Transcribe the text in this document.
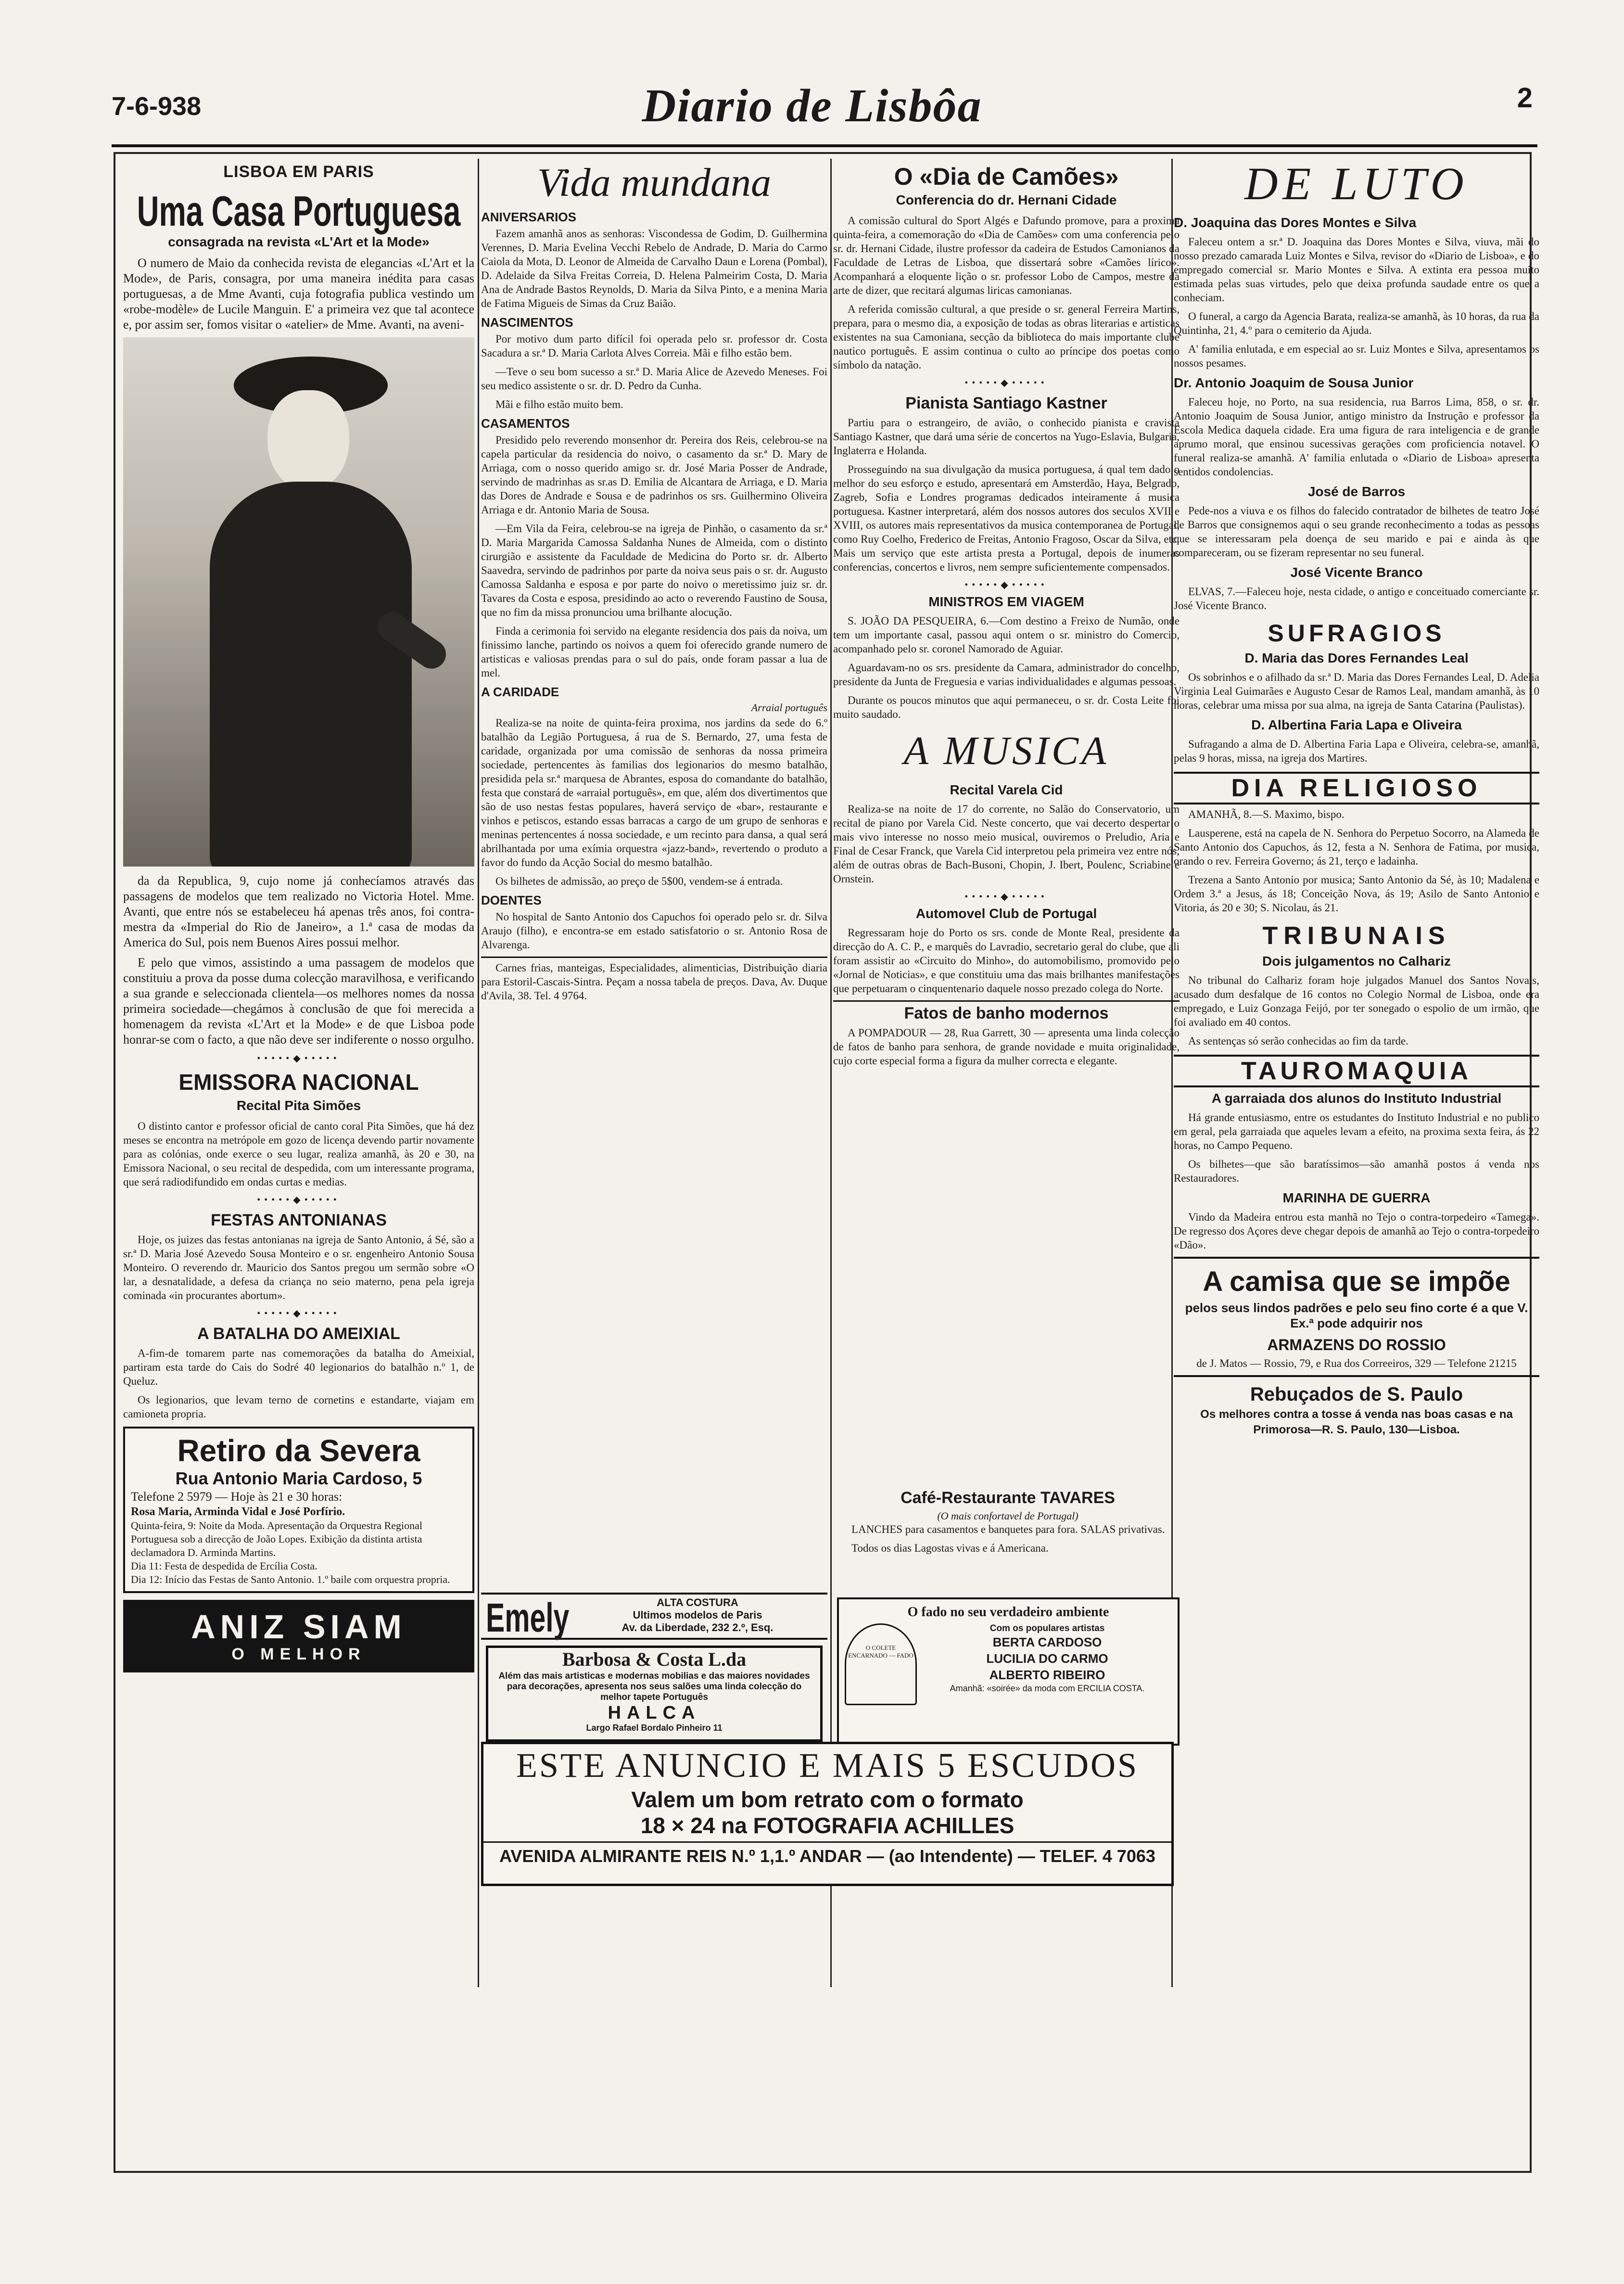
7-6-938	Diario de Lisbôa	2
LISBOA EM PARIS
Uma Casa Portuguesa
consagrada na revista «L'Art et la Mode»

O numero de Maio da conhecida revista de elegancias «L'Art et la Mode», de Paris, consagra, por uma maneira inédita para casas portuguesas, a de Mme Avanti, cuja fotografia publica vestindo um «robe-modèle» de Lucile Manguin. E' a primeira vez que tal acontece e, por assim ser, fomos visitar o «atelier» de Mme. Avanti, na aveni-

da da Republica, 9, cujo nome já conhecíamos através das passagens de modelos que tem realizado no Victoria Hotel. Mme. Avanti, que entre nós se estabeleceu há apenas três anos, foi contra-mestra da «Imperial do Rio de Janeiro», a 1.ª casa de modas da America do Sul, pois nem Buenos Aires possui melhor.

E pelo que vimos, assistindo a uma passagem de modelos que constituiu a prova da posse duma colecção maravilhosa, e verificando a sua grande e seleccionada clientela—os melhores nomes da nossa primeira sociedade—chegámos à conclusão de que foi merecida a homenagem da revista «L'Art et la Mode» e de que Lisboa pode honrar-se com o facto, a que não deve ser indiferente o nosso orgulho.

•••••◆•••••
EMISSORA NACIONAL
Recital Pita Simões

O distinto cantor e professor oficial de canto coral Pita Simões, que há dez meses se encontra na metrópole em gozo de licença devendo partir novamente para as colónias, onde exerce o seu lugar, realiza amanhã, às 20 e 30, na Emissora Nacional, o seu recital de despedida, com um interessante programa, que será radiodifundido em ondas curtas e medias.

•••••◆•••••
FESTAS ANTONIANAS

Hoje, os juizes das festas antonianas na igreja de Santo Antonio, á Sé, são a sr.ª D. Maria José Azevedo Sousa Monteiro e o sr. engenheiro Antonio Sousa Monteiro. O reverendo dr. Mauricio dos Santos pregou um sermão sobre «O lar, a desnatalidade, a defesa da criança no seio materno, pena pela igreja cominada «in procurantes abortum».

•••••◆•••••
A BATALHA DO AMEIXIAL

A-fim-de tomarem parte nas comemorações da batalha do Ameixial, partiram esta tarde do Cais do Sodré 40 legionarios do batalhão n.º 1, de Queluz.

Os legionarios, que levam terno de cornetins e estandarte, viajam em camioneta propria.

Retiro da Severa
Rua Antonio Maria Cardoso, 5
Telefone 2 5979 — Hoje às 21 e 30 horas:
Rosa Maria, Arminda Vidal e José Porfírio.
Quinta-feira, 9: Noite da Moda. Apresentação da Orquestra Regional Portuguesa sob a direcção de João Lopes. Exibição da distinta artista declamadora D. Arminda Martins.
Dia 11: Festa de despedida de Ercília Costa.
Dia 12: Início das Festas de Santo Antonio. 1.º baile com orquestra propria.
ANIZ SIAM
O MELHOR
Vida mundana
ANIVERSARIOS

Fazem amanhã anos as senhoras: Viscondessa de Godim, D. Guilhermina Verennes, D. Maria Evelina Vecchi Rebelo de Andrade, D. Maria do Carmo Caiola da Mota, D. Leonor de Almeida de Carvalho Daun e Lorena (Pombal), D. Adelaide da Silva Freitas Correia, D. Helena Palmeirim Costa, D. Maria Ana de Andrade Bastos Reynolds, D. Maria da Silva Pinto, e a menina Maria de Fatima Migueis de Simas da Cruz Baião.

NASCIMENTOS

Por motivo dum parto difícil foi operada pelo sr. professor dr. Costa Sacadura a sr.ª D. Maria Carlota Alves Correia. Mãi e filho estão bem.

—Teve o seu bom sucesso a sr.ª D. Maria Alice de Azevedo Meneses. Foi seu medico assistente o sr. dr. D. Pedro da Cunha.

Mãi e filho estão muito bem.

CASAMENTOS

Presidido pelo reverendo monsenhor dr. Pereira dos Reis, celebrou-se na capela particular da residencia do noivo, o casamento da sr.ª D. Mary de Arriaga, com o nosso querido amigo sr. dr. José Maria Posser de Andrade, servindo de madrinhas as sr.as D. Emilia de Alcantara de Arriaga, e D. Maria das Dores de Andrade e Sousa e de padrinhos os srs. Guilhermino Oliveira Arriaga e dr. Antonio Maria de Sousa.

—Em Vila da Feira, celebrou-se na igreja de Pinhão, o casamento da sr.ª D. Maria Margarida Camossa Saldanha Nunes de Almeida, com o distinto cirurgião e assistente da Faculdade de Medicina do Porto sr. dr. Alberto Saavedra, servindo de padrinhos por parte da noiva seus pais o sr. dr. Augusto Camossa Saldanha e esposa e por parte do noivo o meretissimo juiz sr. dr. Tavares da Costa e esposa, presidindo ao acto o reverendo Faustino de Sousa, que no fim da missa pronunciou uma brilhante alocução.

Finda a cerimonia foi servido na elegante residencia dos pais da noiva, um finissimo lanche, partindo os noivos a quem foi oferecido grande numero de artisticas e valiosas prendas para o sul do país, onde foram passar a lua de mel.

A CARIDADE
Arraial português

Realiza-se na noite de quinta-feira proxima, nos jardins da sede do 6.º batalhão da Legião Portuguesa, á rua de S. Bernardo, 27, uma festa de caridade, organizada por uma comissão de senhoras da nossa primeira sociedade, pertencentes às familias dos legionarios do mesmo batalhão, presidida pela sr.ª marquesa de Abrantes, esposa do comandante do batalhão, festa que constará de «arraial português», em que, além dos divertimentos que são de uso nestas festas populares, haverá serviço de «bar», restaurante e vinhos e petiscos, estando essas barracas a cargo de um grupo de senhoras e meninas pertencentes á nossa sociedade, e um recinto para dansa, a qual será abrilhantada por uma exímia orquestra «jazz-band», revertendo o produto a favor do fundo da Acção Social do mesmo batalhão.

Os bilhetes de admissão, ao preço de 5$00, vendem-se á entrada.

DOENTES

No hospital de Santo Antonio dos Capuchos foi operado pelo sr. dr. Silva Araujo (filho), e encontra-se em estado satisfatorio o sr. Antonio Rosa de Alvarenga.

Carnes frias, manteigas, Especialidades, alimenticias, Distribuição diaria para Estoril-Cascais-Sintra. Peçam a nossa tabela de preços. Dava, Av. Duque d'Avila, 38. Tel. 4 9764.

Emely	ALTA COSTURA
Ultimos modelos de Paris
Av. da Liberdade, 232 2.º, Esq.
Barbosa & Costa L.da
Além das mais artisticas e modernas mobilias e das maiores novidades para decorações, apresenta nos seus salões uma linda colecção do melhor tapete Português
HALCA
Largo Rafael Bordalo Pinheiro 11
O «Dia de Camões»
Conferencia do dr. Hernani Cidade

A comissão cultural do Sport Algés e Dafundo promove, para a proxima quinta-feira, a comemoração do «Dia de Camões» com uma conferencia pelo sr. dr. Hernani Cidade, ilustre professor da cadeira de Estudos Camonianos da Faculdade de Letras de Lisboa, que dissertará sobre «Camões lírico». Acompanhará a eloquente lição o sr. professor Lobo de Campos, mestre da arte de dizer, que recitará algumas liricas camonianas.

A referida comissão cultural, a que preside o sr. general Ferreira Martins, prepara, para o mesmo dia, a exposição de todas as obras literarias e artisticas existentes na sua Camoniana, secção da biblioteca do mais importante clube nautico português. E assim continua o culto ao príncipe dos poetas como símbolo da natação.

•••••◆•••••
Pianista Santiago Kastner

Partiu para o estrangeiro, de avião, o conhecido pianista e cravista Santiago Kastner, que dará uma série de concertos na Yugo-Eslavia, Bulgaria, Inglaterra e Holanda.

Prosseguindo na sua divulgação da musica portuguesa, á qual tem dado o melhor do seu esforço e estudo, apresentará em Amsterdão, Haya, Belgrado, Zagreb, Sofia e Londres programas dedicados inteiramente á musica portuguesa. Kastner interpretará, além dos nossos autores dos seculos XVII e XVIII, os autores mais representativos da musica contemporanea de Portugal, como Ruy Coelho, Frederico de Freitas, Antonio Fragoso, Oscar da Silva, etc. Mais um serviço que este artista presta a Portugal, depois de inumeras conferencias, concertos e livros, nem sempre suficientemente compensados.

•••••◆•••••
MINISTROS EM VIAGEM

S. JOÃO DA PESQUEIRA, 6.—Com destino a Freixo de Numão, onde tem um importante casal, passou aqui ontem o sr. ministro do Comercio, acompanhado pelo sr. coronel Namorado de Aguiar.

Aguardavam-no os srs. presidente da Camara, administrador do concelho, presidente da Junta de Freguesia e varias individualidades e algumas pessoas.

Durante os poucos minutos que aqui permaneceu, o sr. dr. Costa Leite foi muito saudado.

A MUSICA
Recital Varela Cid

Realiza-se na noite de 17 do corrente, no Salão do Conservatorio, um recital de piano por Varela Cid. Neste concerto, que vai decerto despertar o mais vivo interesse no nosso meio musical, ouviremos o Preludio, Aria e Final de Cesar Franck, que Varela Cid interpretou pela primeira vez entre nós, além de outras obras de Bach-Busoni, Chopin, J. Ibert, Poulenc, Scriabine e Ornstein.

•••••◆•••••
Automovel Club de Portugal

Regressaram hoje do Porto os srs. conde de Monte Real, presidente da direcção do A. C. P., e marquês do Lavradio, secretario geral do clube, que ali foram assistir ao «Circuito do Minho», do automobilismo, promovido pelo «Jornal de Noticias», e que constituiu uma das mais brilhantes manifestações que perpetuaram o cinquentenario daquele nosso prezado colega do Norte.

Fatos de banho modernos

A POMPADOUR — 28, Rua Garrett, 30 — apresenta uma linda colecção de fatos de banho para senhora, de grande novidade e muita originalidade, cujo corte especial forma a figura da mulher correcta e elegante.

Café-Restaurante TAVARES
(O mais confortavel de Portugal)

LANCHES para casamentos e banquetes para fora. SALAS privativas.

Todos os dias Lagostas vivas e á Americana.

O fado no seu verdadeiro ambiente
O COLETE ENCARNADO — FADO
Com os populares artistas
BERTA CARDOSO
LUCILIA DO CARMO
ALBERTO RIBEIRO
Amanhã: «soirée» da moda com ERCILIA COSTA.
DE LUTO
D. Joaquina das Dores Montes e Silva

Faleceu ontem a sr.ª D. Joaquina das Dores Montes e Silva, viuva, mãi do nosso prezado camarada Luiz Montes e Silva, revisor do «Diario de Lisboa», e do empregado comercial sr. Mario Montes e Silva. A extinta era pessoa muito estimada pelas suas virtudes, pelo que deixa profunda saudade entre os que a conheciam.

O funeral, a cargo da Agencia Barata, realiza-se amanhã, às 10 horas, da rua da Quintinha, 21, 4.º para o cemiterio da Ajuda.

A' familia enlutada, e em especial ao sr. Luiz Montes e Silva, apresentamos os nossos pesames.

Dr. Antonio Joaquim de Sousa Junior

Faleceu hoje, no Porto, na sua residencia, rua Barros Lima, 858, o sr. dr. Antonio Joaquim de Sousa Junior, antigo ministro da Instrução e professor da Escola Medica daquela cidade. Era uma figura de rara inteligencia e de grande aprumo moral, que ensinou sucessivas gerações com proficiencia notavel. O funeral realiza-se amanhã. A' familia enlutada o «Diario de Lisboa» apresenta sentidos condolencias.

José de Barros

Pede-nos a viuva e os filhos do falecido contratador de bilhetes de teatro José de Barros que consignemos aqui o seu grande reconhecimento a todas as pessoas que se interessaram pela doença de seu marido e pai e ainda às que compareceram, ou se fizeram representar no seu funeral.

José Vicente Branco

ELVAS, 7.—Faleceu hoje, nesta cidade, o antigo e conceituado comerciante sr. José Vicente Branco.

SUFRAGIOS
D. Maria das Dores Fernandes Leal

Os sobrinhos e o afilhado da sr.ª D. Maria das Dores Fernandes Leal, D. Adelia Virginia Leal Guimarães e Augusto Cesar de Ramos Leal, mandam amanhã, às 10 horas, celebrar uma missa por sua alma, na igreja de Santa Catarina (Paulistas).

D. Albertina Faria Lapa e Oliveira

Sufragando a alma de D. Albertina Faria Lapa e Oliveira, celebra-se, amanhã, pelas 9 horas, missa, na igreja dos Martires.

DIA RELIGIOSO

AMANHÃ, 8.—S. Maximo, bispo.

Lausperene, está na capela de N. Senhora do Perpetuo Socorro, na Alameda de Santo Antonio dos Capuchos, ás 12, festa a N. Senhora de Fatima, por musica, orando o rev. Ferreira Governo; ás 21, terço e ladainha.

Trezena a Santo Antonio por musica; Santo Antonio da Sé, às 10; Madalena e Ordem 3.ª a Jesus, ás 18; Conceição Nova, ás 19; Asilo de Santo Antonio e Vitoria, ás 20 e 30; S. Nicolau, ás 21.

TRIBUNAIS
Dois julgamentos no Calhariz

No tribunal do Calhariz foram hoje julgados Manuel dos Santos Novais, acusado dum desfalque de 16 contos no Colegio Normal de Lisboa, onde era empregado, e Luiz Gonzaga Feijó, por ter sonegado o espolio de um irmão, que foi avaliado em 40 contos.

As sentenças só serão conhecidas ao fim da tarde.

TAUROMAQUIA
A garraiada dos alunos do Instituto Industrial

Há grande entusiasmo, entre os estudantes do Instituto Industrial e no publico em geral, pela garraiada que aqueles levam a efeito, na proxima sexta feira, ás 22 horas, no Campo Pequeno.

Os bilhetes—que são baratíssimos—são amanhã postos á venda nos Restauradores.

MARINHA DE GUERRA

Vindo da Madeira entrou esta manhã no Tejo o contra-torpedeiro «Tamega». De regresso dos Açores deve chegar depois de amanhã ao Tejo o contra-torpedeiro «Dão».

A camisa que se impõe
pelos seus lindos padrões e pelo seu fino corte é a que V. Ex.ª pode adquirir nos
ARMAZENS DO ROSSIO
de J. Matos — Rossio, 79, e Rua dos Correeiros, 329 — Telefone 21215
Rebuçados de S. Paulo
Os melhores contra a tosse á venda nas boas casas e na Primorosa—R. S. Paulo, 130—Lisboa.
ESTE ANUNCIO E MAIS 5 ESCUDOS
Valem um bom retrato com o formato
18 × 24 na FOTOGRAFIA ACHILLES
AVENIDA ALMIRANTE REIS N.º 1,1.º ANDAR — (ao Intendente) — TELEF. 4 7063
